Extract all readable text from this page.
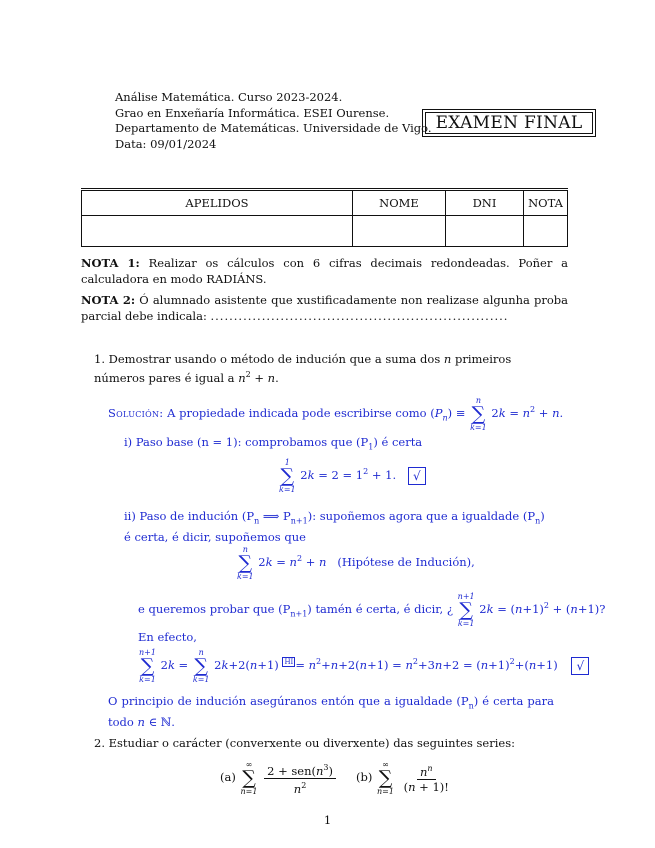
Análise Matemática. Curso 2023-2024.
Grao en Enxeñaría Informática. ESEI Ourense.
Departamento de Matemáticas. Universidade de Vigo.
Data: 09/01/2024
EXAMEN FINAL
APELIDOS	NOME	DNI	NOTA

NOTA 1: Realizar os cálculos con 6 cifras decimais redondeadas. Poñer a calculadora en modo RADIÁNS.
NOTA 2: Ó alumnado asistente que xustificadamente non realizase algunha proba parcial debe indicala: ................................................................
1. Demostrar usando o método de indución que a suma dos n primeiros números pares é igual a $n^2 + n$.
Solución: A propiedade indicada pode escribirse como $(P_n)$ ≡
n
∑
k=1
$2k = n^2 + n$.
i) Paso base (n = 1): comprobamos que $(P_1)$ é certa
1
∑
k=1
$2k = 2 = 1^2 + 1$. √
ii) Paso de indución ($P_n$ ⟹ $P_{n+1}$): supoñemos agora que a igualdade $(P_n)$ é certa, é dicir, supoñemos que
n
∑
k=1
$2k = n^2 + n$ (Hipótese de Indución),
e queremos probar que $(P_{n+1})$ tamén é certa, é dicir, ¿
n+1
∑
k=1
$2k = (n+1)^2 + (n+1)$?
En efecto,
n+1
∑
k=1
2k =
n
∑
k=1
2k+2(n+1) HI = $n^2+n+2(n+1) = n^2+3n+2 = (n+1)^2+(n+1)$ √
O principio de indución asegúranos entón que a igualdade $(P_n)$ é certa para todo n ∈ ℕ.
2. Estudiar o carácter (converxente ou diverxente) das seguintes series:
(a)
∞
∑
n=1
$\frac{2 + sen(n^3)}{n^2} (b)$
∞
∑
n=1
$\frac{n^n}{(n + 1)!}$
1
